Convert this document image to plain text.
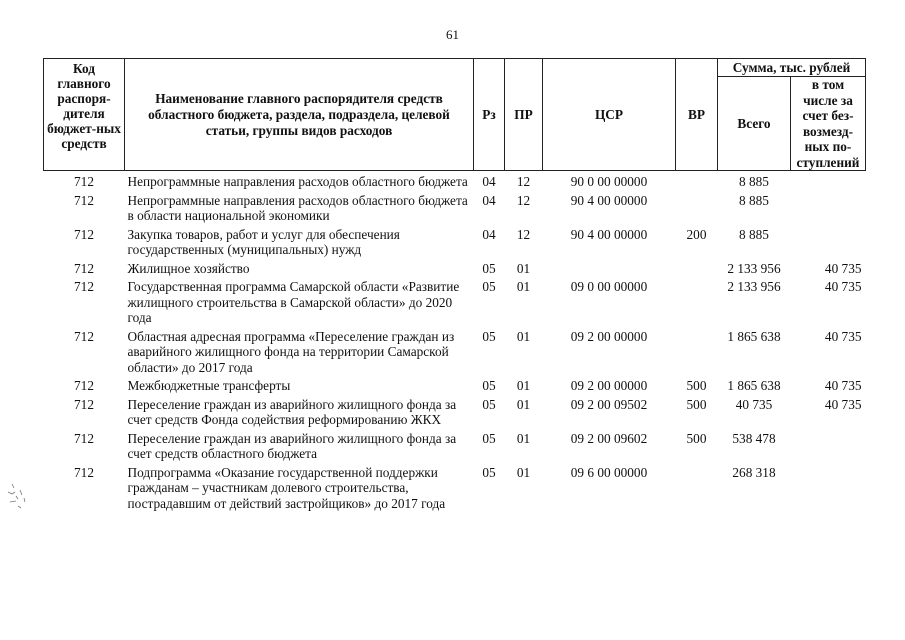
61
Код главного распоря-дителя бюджет-ных средств	Наименование главного распорядителя средств областного бюджета, раздела, подраздела, целевой статьи, группы видов расходов	Рз	ПР	ЦСР	ВР	Сумма, тыс. рублей	
						Всего	в том числе за счет без-возмезд-ных по-ступлений
712	Непрограммные направления расходов областного бюджета	04	12	90 0 00 00000		8 885	
712	Непрограммные направления расходов областного бюджета в области национальной экономики	04	12	90 4 00 00000		8 885	
712	Закупка товаров, работ и услуг для обеспечения государственных (муниципальных) нужд	04	12	90 4 00 00000	200	8 885	
712	Жилищное хозяйство	05	01			2 133 956	40 735
712	Государственная программа Самарской области «Развитие жилищного строительства в Самарской области» до 2020 года	05	01	09 0 00 00000		2 133 956	40 735
712	Областная адресная программа «Переселение граждан из аварийного жилищного фонда на территории Самарской области» до 2017 года	05	01	09 2 00 00000		1 865 638	40 735
712	Межбюджетные трансферты	05	01	09 2 00 00000	500	1 865 638	40 735
712	Переселение граждан из аварийного жилищного фонда за счет средств Фонда содействия реформированию ЖКХ	05	01	09 2 00 09502	500	40 735	40 735
712	Переселение граждан из аварийного жилищного фонда за счет средств областного бюджета	05	01	09 2 00 09602	500	538 478	
712	Подпрограмма «Оказание государственной поддержки гражданам – участникам долевого строительства, пострадавшим от действий застройщиков» до 2017 года	05	01	09 6 00 00000		268 318	
